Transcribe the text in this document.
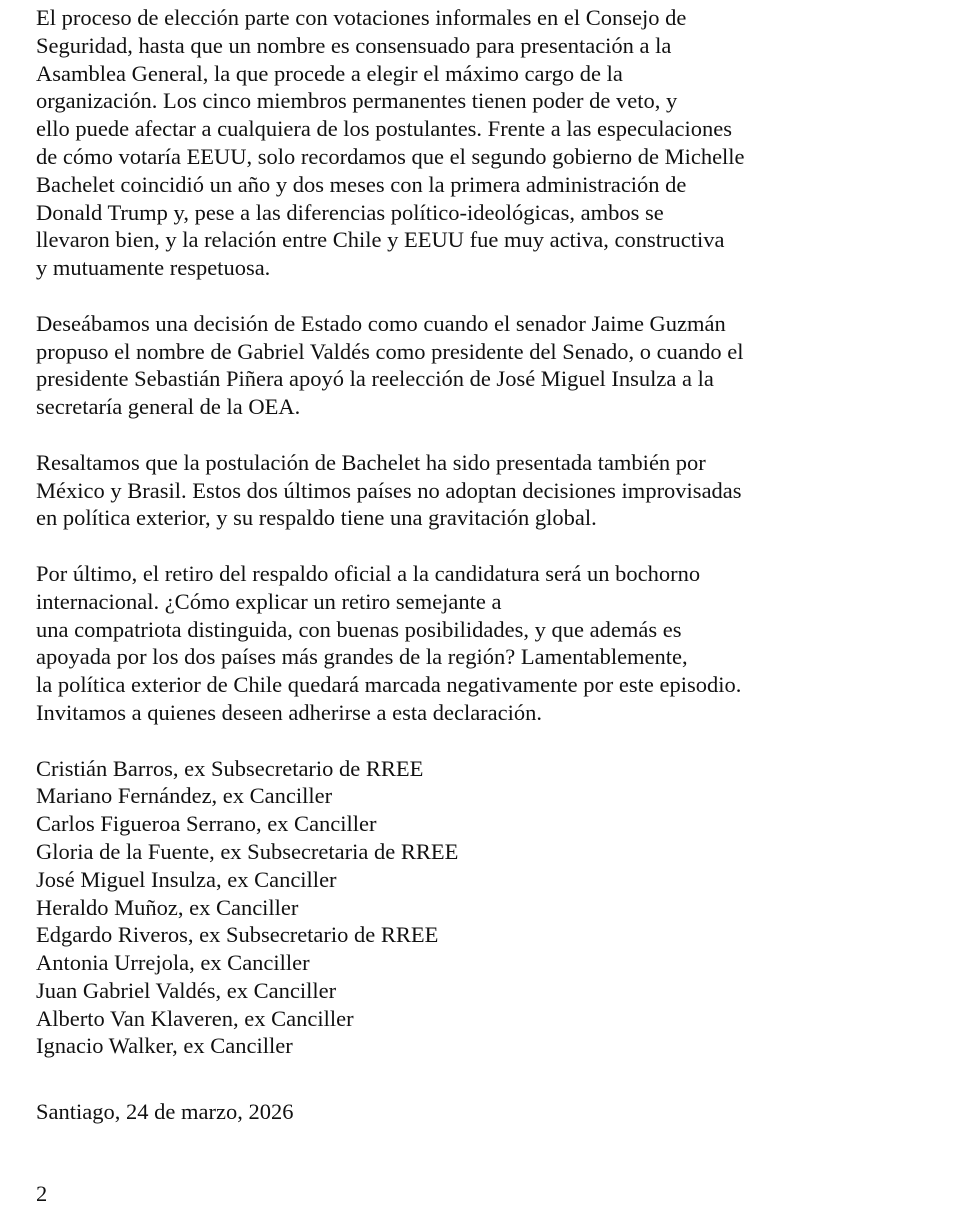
El proceso de elección parte con votaciones informales en el Consejo de
Seguridad, hasta que un nombre es consensuado para presentación a la
Asamblea General, la que procede a elegir el máximo cargo de la
organización. Los cinco miembros permanentes tienen poder de veto, y
ello puede afectar a cualquiera de los postulantes. Frente a las especulaciones
de cómo votaría EEUU, solo recordamos que el segundo gobierno de Michelle
Bachelet coincidió un año y dos meses con la primera administración de
Donald Trump y, pese a las diferencias político-ideológicas, ambos se
llevaron bien, y la relación entre Chile y EEUU fue muy activa, constructiva
y mutuamente respetuosa.
Deseábamos una decisión de Estado como cuando el senador Jaime Guzmán
propuso el nombre de Gabriel Valdés como presidente del Senado, o cuando el
presidente Sebastián Piñera apoyó la reelección de José Miguel Insulza a la
secretaría general de la OEA.
Resaltamos que la postulación de Bachelet ha sido presentada también por
México y Brasil. Estos dos últimos países no adoptan decisiones improvisadas
en política exterior, y su respaldo tiene una gravitación global.
Por último, el retiro del respaldo oficial a la candidatura será un bochorno
internacional. ¿Cómo explicar un retiro semejante a
una compatriota distinguida, con buenas posibilidades, y que además es
apoyada por los dos países más grandes de la región? Lamentablemente,
la política exterior de Chile quedará marcada negativamente por este episodio.
Invitamos a quienes deseen adherirse a esta declaración.
Cristián Barros, ex Subsecretario de RREE
Mariano Fernández, ex Canciller
Carlos Figueroa Serrano, ex Canciller
Gloria de la Fuente, ex Subsecretaria de RREE
José Miguel Insulza, ex Canciller
Heraldo Muñoz, ex Canciller
Edgardo Riveros, ex Subsecretario de RREE
Antonia Urrejola, ex Canciller
Juan Gabriel Valdés, ex Canciller
Alberto Van Klaveren, ex Canciller
Ignacio Walker, ex Canciller
Santiago, 24 de marzo, 2026
2
